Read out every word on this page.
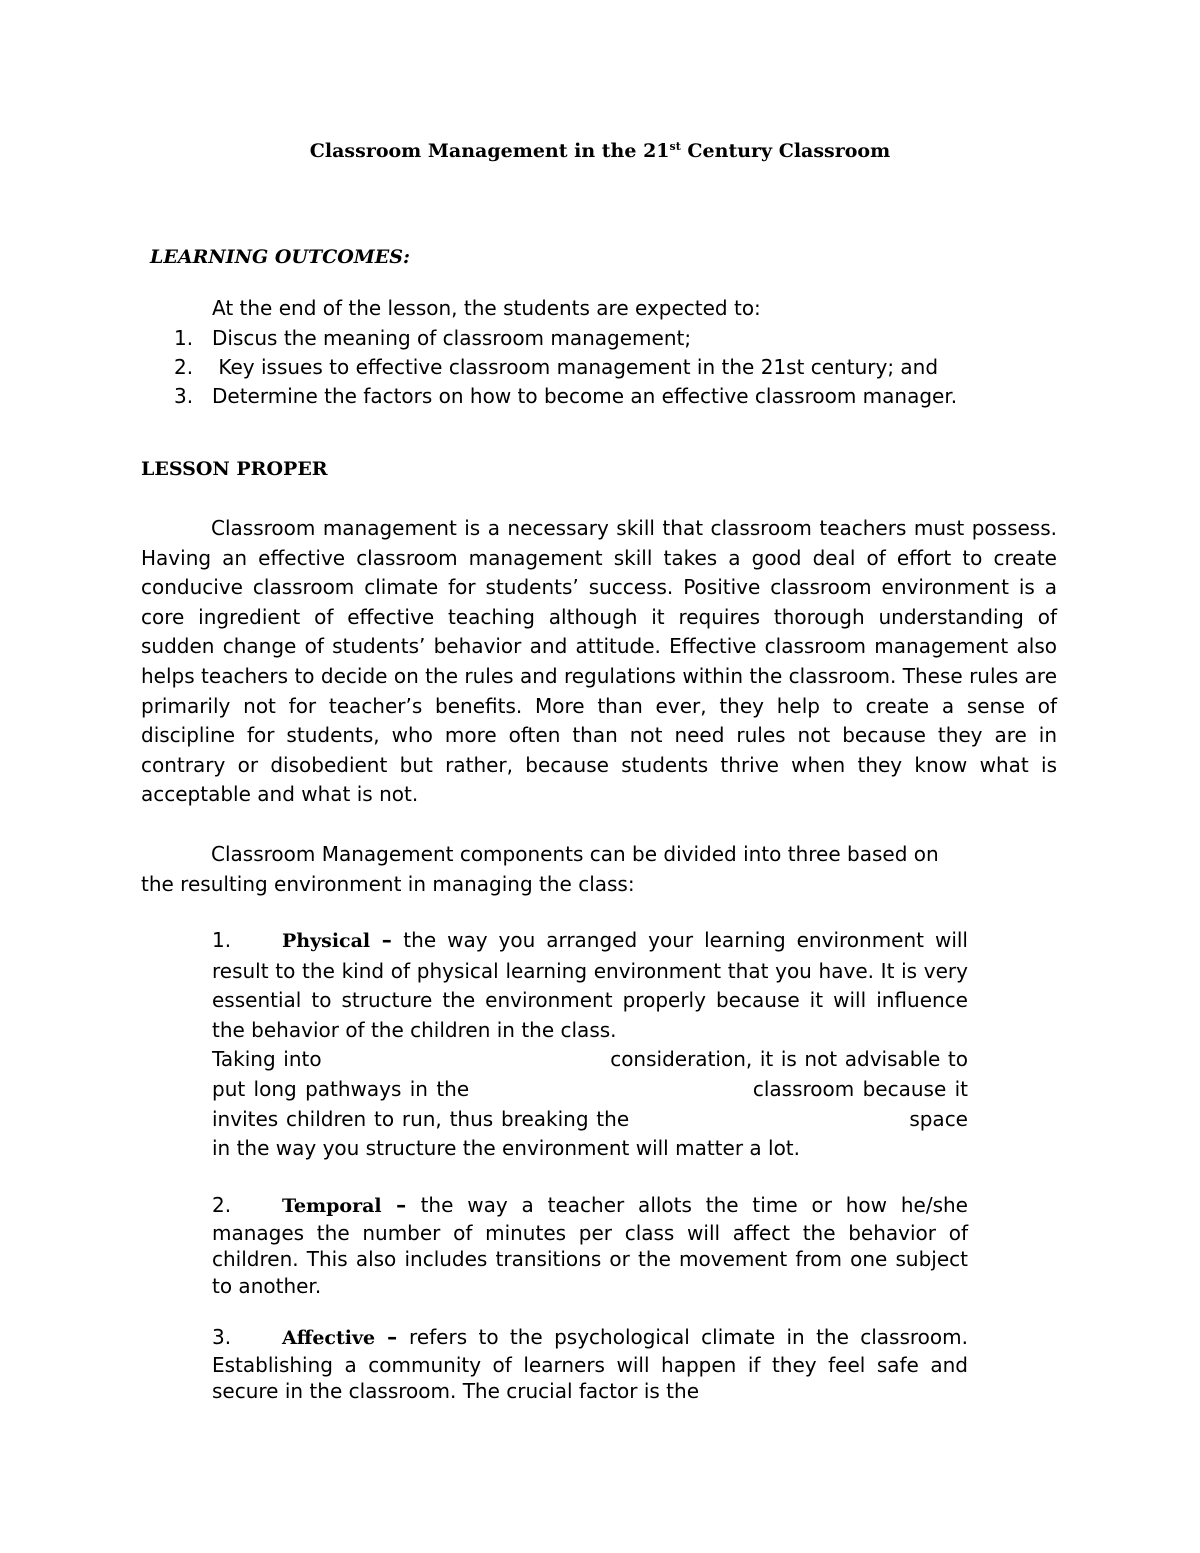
Classroom Management in the 21st Century Classroom
LEARNING OUTCOMES:
At the end of the lesson, the students are expected to:
1. Discus the meaning of classroom management;
2. Key issues to effective classroom management in the 21st century; and
3. Determine the factors on how to become an effective classroom manager.
LESSON PROPER

Classroom management is a necessary skill that classroom teachers must possess. Having an effective classroom management skill takes a good deal of effort to create conducive classroom climate for students’ success. Positive classroom environment is a core ingredient of effective teaching although it requires thorough understanding of sudden change of students’ behavior and attitude. Effective classroom management also helps teachers to decide on the rules and regulations within the classroom. These rules are primarily not for teacher’s benefits. More than ever, they help to create a sense of discipline for students, who more often than not need rules not because they are in contrary or disobedient but rather, because students thrive when they know what is acceptable and what is not.

Classroom Management components can be divided into three based on the resulting environment in managing the class:

1.	Physical – the way you arranged your learning environment will result to the kind of physical learning environment that you have. It is very essential to structure the environment properly because it will influence the behavior of the children in the class.
Taking into                                      consideration, it is not advisable to
put long pathways in the                                  classroom because it
invites children to run, thus breaking the                                    space
in the way you structure the environment will matter a lot.
2.	Temporal – the way a teacher allots the time or how he/she manages the number of minutes per class will affect the behavior of children. This also includes transitions or the movement from one subject to another.
3.	Affective – refers to the psychological climate in the classroom. Establishing a community of learners will happen if they feel safe and secure in the classroom. The crucial factor is the
